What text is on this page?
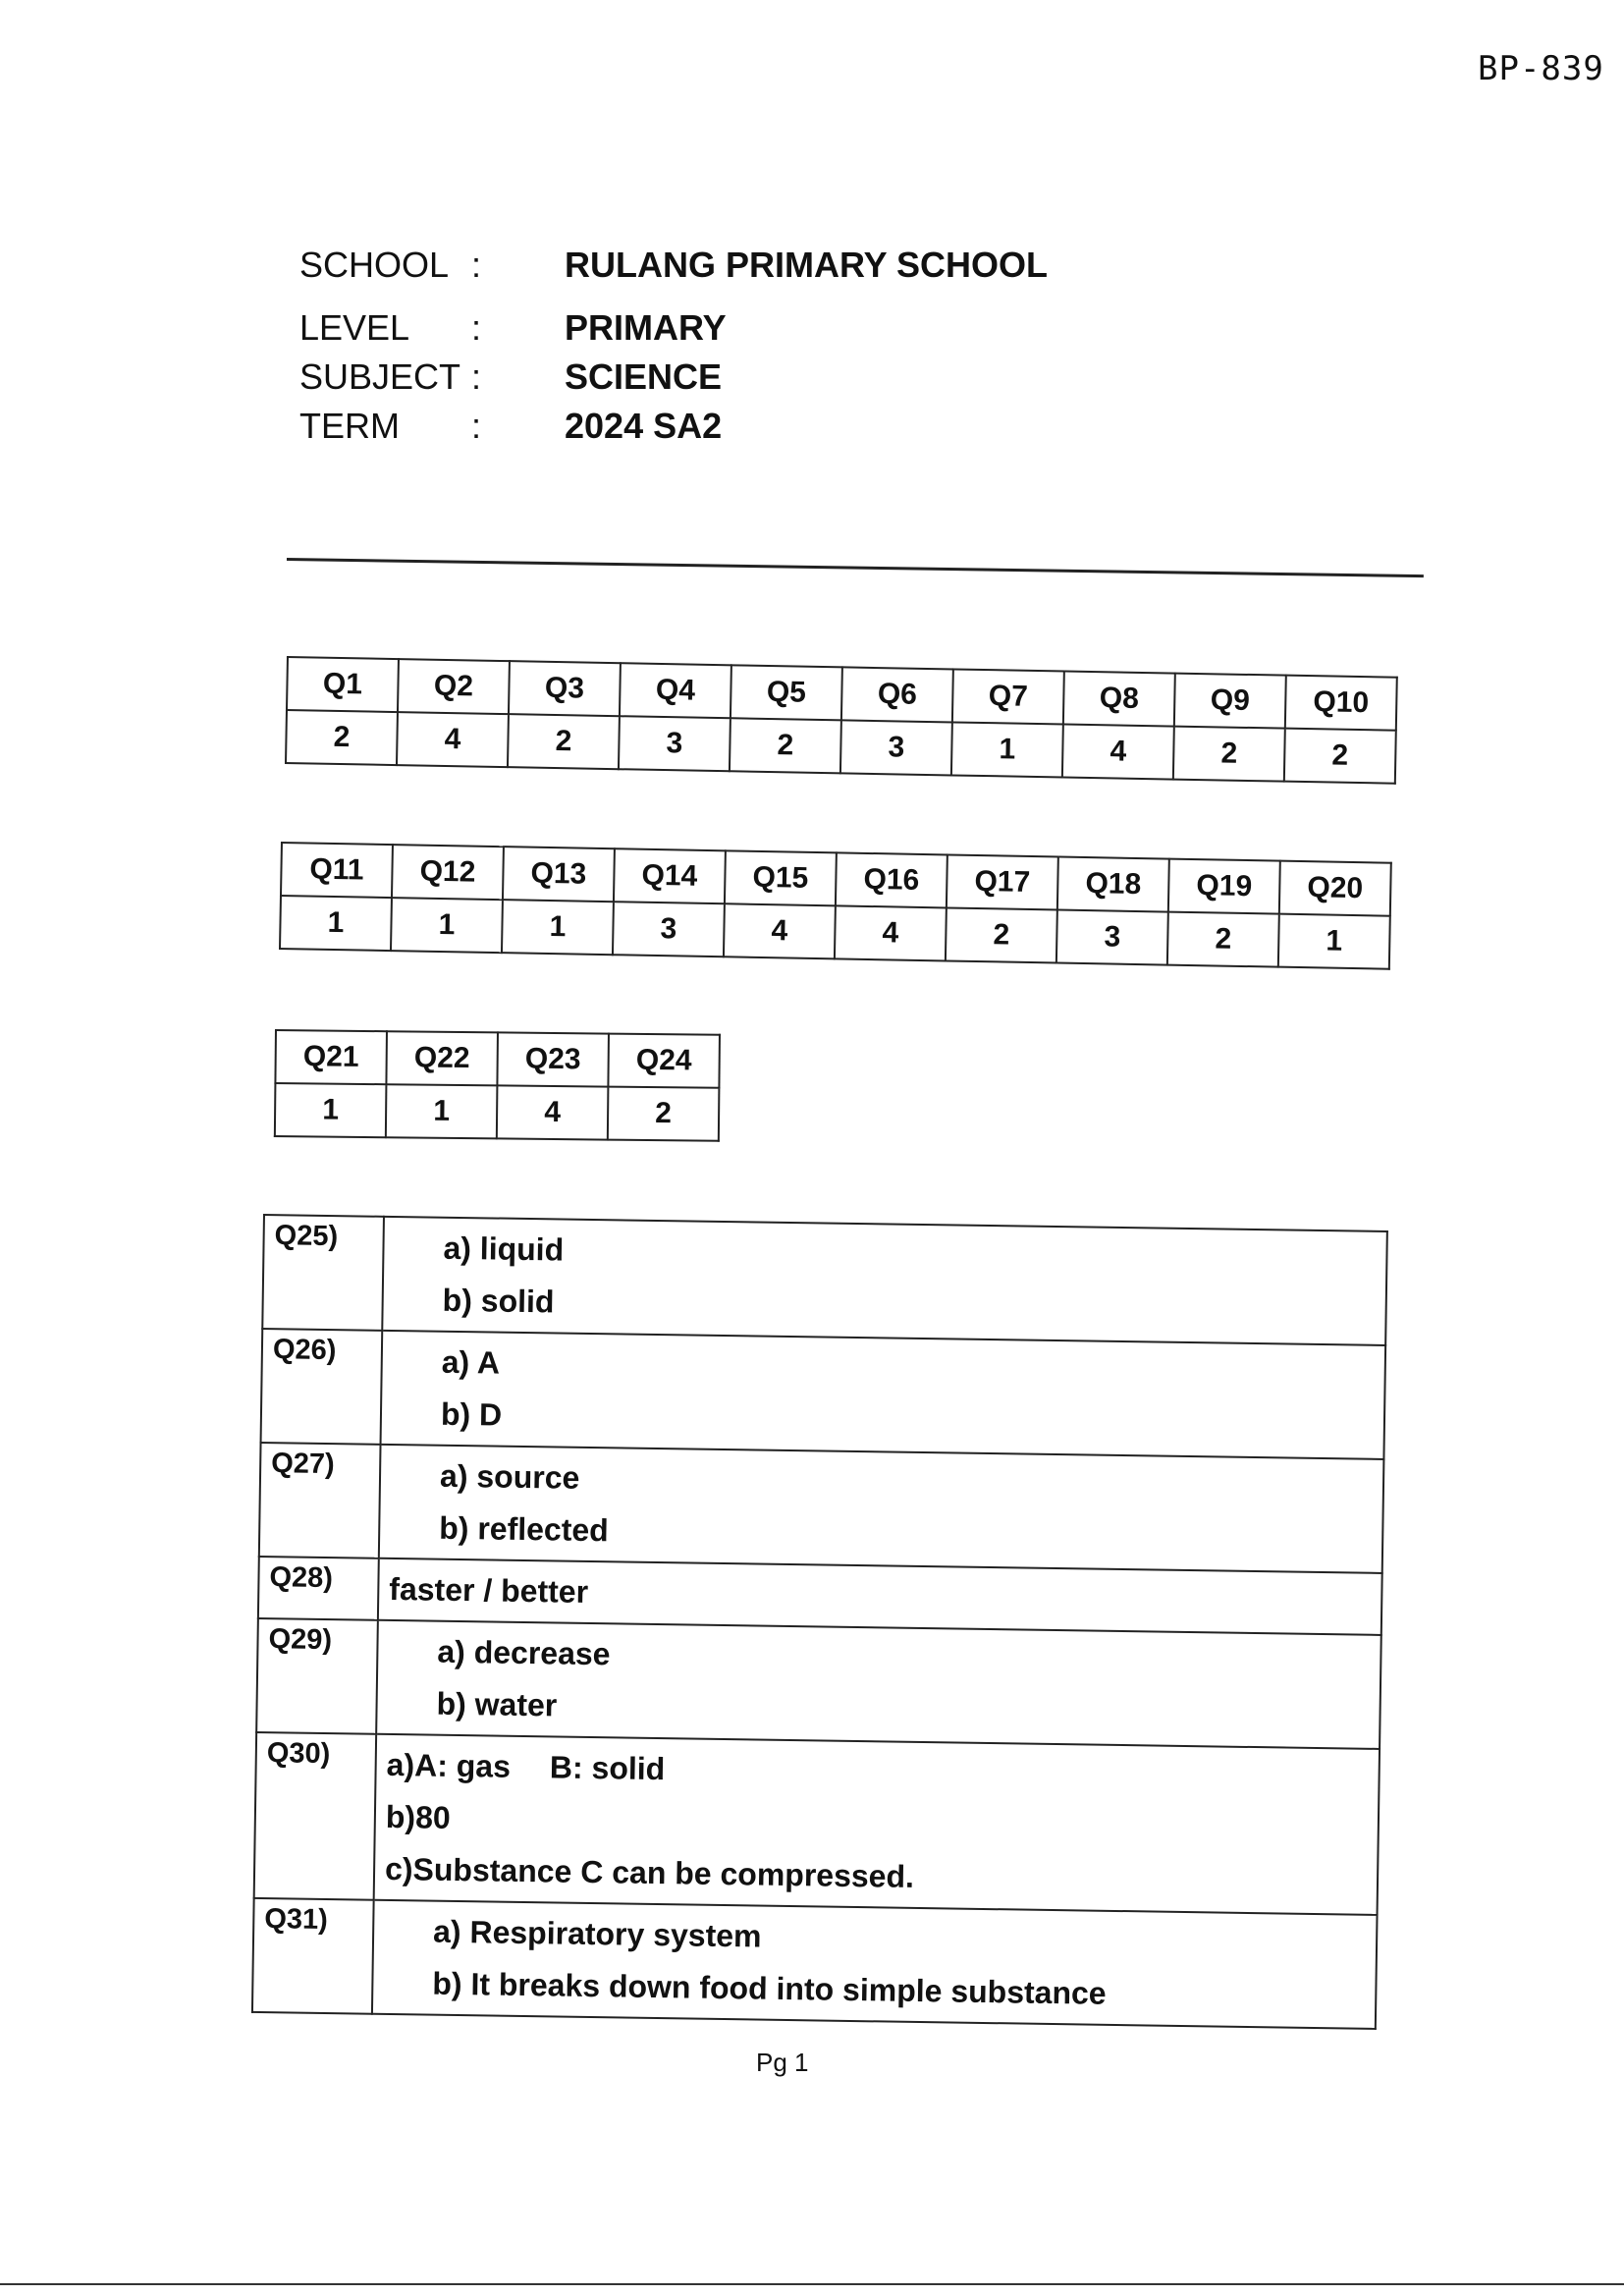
BP-839
SCHOOL :	RULANG PRIMARY SCHOOL
LEVEL	:	PRIMARY
SUBJECT :	SCIENCE
TERM	:	2024 SA2
Q1	Q2	Q3	Q4	Q5	Q6	Q7	Q8	Q9	Q10
2	4	2	3	2	3	1	4	2	2
Q11	Q12	Q13	Q14	Q15	Q16	Q17	Q18	Q19	Q20
1	1	1	3	4	4	2	3	2	1
Q21	Q22	Q23	Q24
1	1	4	2
Q25)	a) liquid
b) solid

Q26)	a) A
b) D

Q27)	a) source
b) reflected

Q28)	faster / better

Q29)	a) decrease
b) water

Q30)	a)A: gas B: solid
b)80
c)Substance C can be compressed.

Q31)	a) Respiratory system
b) It breaks down food into simple substance
Pg 1
